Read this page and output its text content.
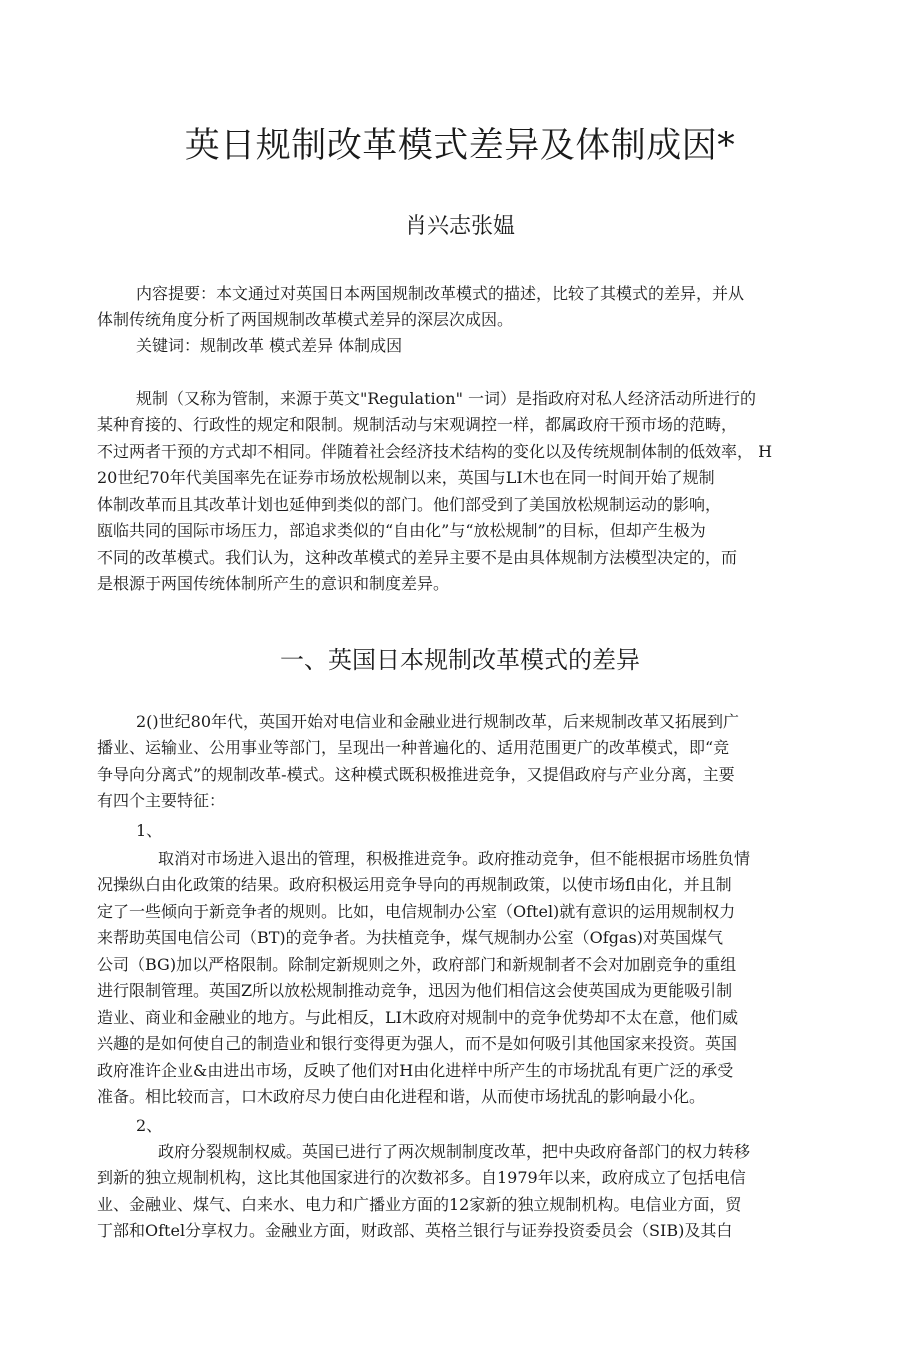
英日规制改革模式差异及体制成因*
肖兴志张媪
内容提要：本文通过对英国日本两国规制改革模式的描述，比较了其模式的差异，并从
体制传统角度分析了两国规制改革模式差异的深层次成因。
关键词：规制改革 模式差异 体制成因
规制（又称为管制，来源于英文"Regulation" 一词）是指政府对私人经济活动所进行的
某种育接的、行政性的规定和限制。规制活动与宋观调控一样，都属政府干预市场的范畴，
不过两者干预的方式却不相同。伴随着社会经济技术结构的变化以及传统规制体制的低效率， H
20世纪70年代美国率先在证券市场放松规制以来，英国与LI木也在同一时间开始了规制
体制改革而且其改革计划也延伸到类似的部门。他们部受到了美国放松规制运动的影响，
瓯临共同的国际市场压力，部追求类似的“自由化”与“放松规制”的目标，但却产生极为
不同的改革模式。我们认为，这种改革模式的差异主要不是由具体规制方法模型决定的，而
是根源于两国传统体制所产生的意识和制度差异。
一、英国日本规制改革模式的差异
2()世纪80年代，英国开始对电信业和金融业进行规制改革，后来规制改革又拓展到广
播业、运输业、公用事业等部门，呈现出一种普遍化的、适用范围更广的改革模式，即“竞
争导向分离式”的规制改革-模式。这种模式既积极推进竞争，又提倡政府与产业分离，主要
有四个主要特征：
1、
取消对市场进入退出的管理，积极推进竞争。政府推动竞争，但不能根据市场胜负情
况操纵白由化政策的结果。政府积极运用竞争导向的再规制政策，以使市场fl由化，并且制
定了一些倾向于新竞争者的规则。比如，电信规制办公室（Oftel)就有意识的运用规制权力
来帮助英国电信公司（BT)的竞争者。为扶植竞争，煤气规制办公室（Ofgas)对英国煤气
公司（BG)加以严格限制。除制定新规则之外，政府部门和新规制者不会对加剧竞争的重组
进行限制管理。英国Z所以放松规制推动竞争，迅因为他们相信这会使英国成为更能吸引制
造业、商业和金融业的地方。与此相反，LI木政府对规制中的竞争优势却不太在意，他们威
兴趣的是如何使自己的制造业和银行变得更为强人，而不是如何吸引其他国家来投资。英国
政府准许企业&由进出市场，反映了他们对H由化进样中所产生的市场扰乱有更广泛的承受
准备。相比较而言，口木政府尽力使白由化进程和谐，从而使市场扰乱的影响最小化。
2、
政府分裂规制权威。英国已进行了两次规制制度改革，把中央政府备部门的权力转移
到新的独立规制机构，这比其他国家进行的次数祁多。自1979年以来，政府成立了包括电信
业、金融业、煤气、白来水、电力和广播业方面的12家新的独立规制机构。电信业方面，贸
丁部和Oftel分享权力。金融业方面，财政部、英格兰银行与证券投资委员会（SIB)及其白
